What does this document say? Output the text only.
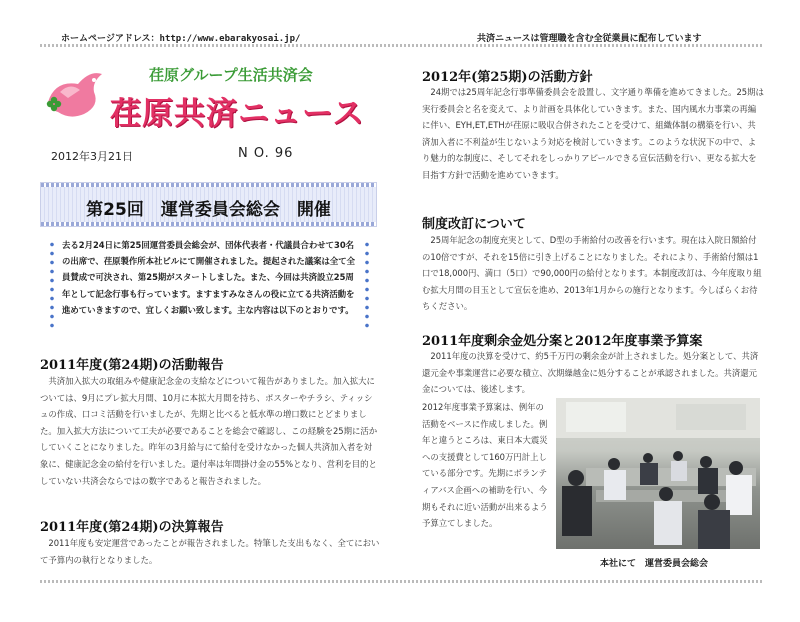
ホームページアドレス：http://www.ebarakyosai.jp/	共済ニュースは管理職を含む全従業員に配布しています
荏原グループ生活共済会
荏原共済ニュース
2012年3月21日	N O. 96
第25回　運営委員会総会　開催
去る2月24日に第25回運営委員会総会が、団体代表者・代議員合わせて30名の出席で、荏原製作所本社ビルにて開催されました。提起された議案は全て全員賛成で可決され、第25期がスタートしました。また、今回は共済設立25周年として記念行事も行っています。ますますみなさんの役に立てる共済活動を進めていきますので、宜しくお願い致します。主な内容は以下のとおりです。
2011年度(第24期)の活動報告
共済加入拡大の取組みや健康記念金の支給などについて報告がありました。加入拡大については、9月にプレ拡大月間、10月に本拡大月間を持ち、ポスターやチラシ、ティッシュの作成、口コミ活動を行いましたが、先期と比べると低水準の増口数にとどまりました。加入拡大方法について工夫が必要であることを総会で確認し、この経験を25期に活かしていくことになりました。昨年の3月給与にて給付を受けなかった個人共済加入者を対象に、健康記念金の給付を行いました。還付率は年間掛け金の55%となり、営利を目的としていない共済会ならではの数字であると報告されました。
2011年度(第24期)の決算報告
2011年度も安定運営であったことが報告されました。特筆した支出もなく、全てにおいて予算内の執行となりました。
2012年(第25期)の活動方針
24期では25周年記念行事準備委員会を設置し、文字通り準備を進めてきました。25期は実行委員会と名を変えて、より計画を具体化していきます。また、国内風水力事業の再編に伴い、EYH,ET,ETHが荏原に吸収合併されたことを受けて、組織体制の構築を行い、共済加入者に不利益が生じないよう対応を検討していきます。このような状況下の中で、より魅力的な制度に、そしてそれをしっかりアピールできる宣伝活動を行い、更なる拡大を目指す方針で活動を進めていきます。
制度改訂について
25周年記念の制度充実として、D型の手術給付の改善を行います。現在は入院日額給付の10倍ですが、それを15倍に引き上げることになりました。それにより、手術給付額は1口で18,000円、満口（5口）で90,000円の給付となります。本制度改訂は、今年度取り組む拡大月間の目玉として宣伝を進め、2013年1月からの施行となります。今しばらくお待ちください。
2011年度剰余金処分案と2012年度事業予算案
2011年度の決算を受けて、約5千万円の剰余金が計上されました。処分案として、共済還元金や事業運営に必要な積立、次期繰越金に処分することが承認されました。共済還元金については、後述します。
2012年度事業予算案は、例年の活動をベースに作成しました。例年と違うところは、東日本大震災への支援費として160万円計上している部分です。先期にボランティアバス企画への補助を行い、今期もそれに近い活動が出来るよう予算立てしました。
本社にて　運営委員会総会
